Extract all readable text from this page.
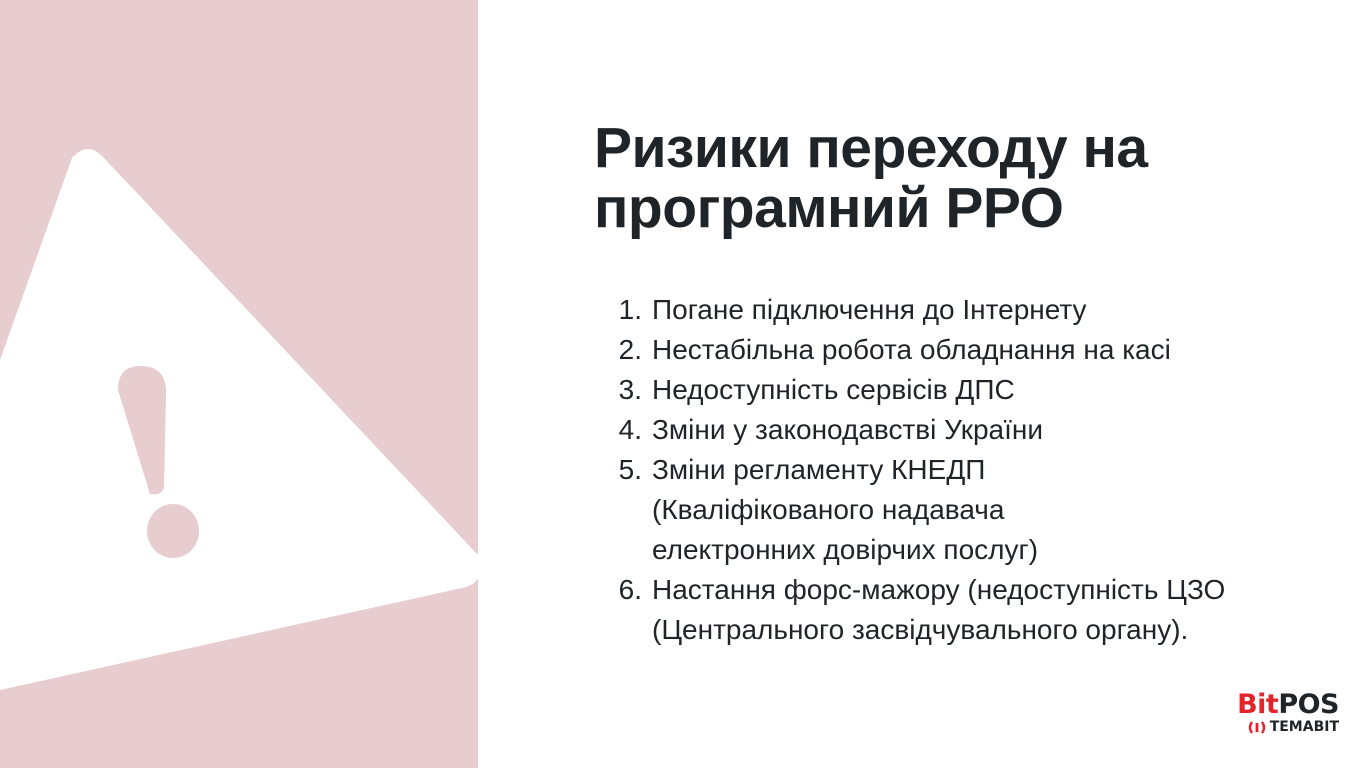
Ризики переходу на
програмний РРО
1. Погане підключення до Інтернету
2. Нестабільна робота обладнання на касі
3. Недоступність сервісів ДПС
4. Зміни у законодавстві України
5. Зміни регламенту КНЕДП (Кваліфікованого надавача електронних довірчих послуг)
6. Настання форс-мажору (недоступність ЦЗО (Центрального засвідчувального органу).
BitPOS
TEMABIT
